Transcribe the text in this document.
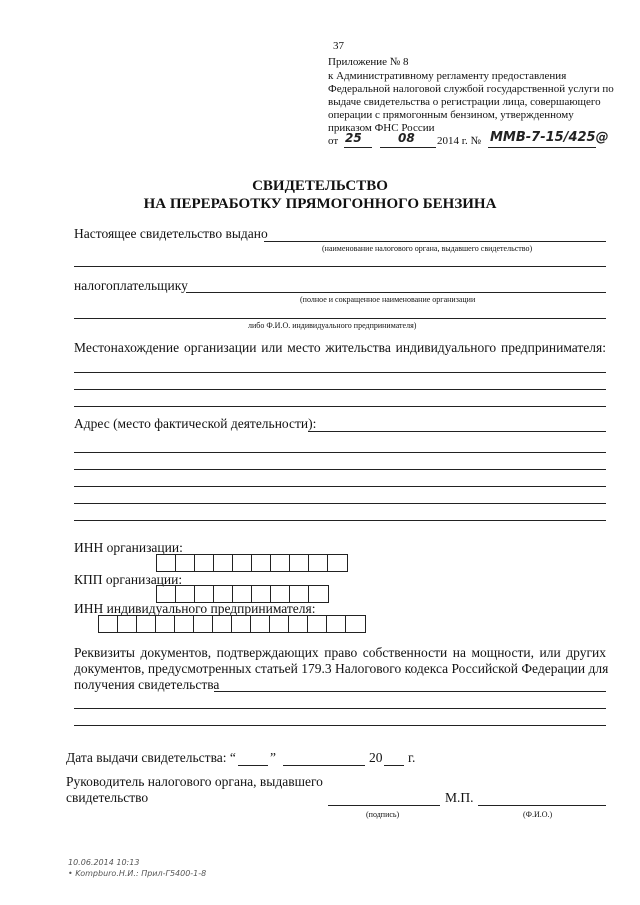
37
Приложение № 8
к Административному регламенту предоставления
Федеральной налоговой службой государственной услуги по
выдаче свидетельства о регистрации лица, совершающего
операции с прямогонным бензином, утвержденному
приказом ФНС России
от 25	08 2014 г. № ММВ-7-15/425@
СВИДЕТЕЛЬСТВО
НА ПЕРЕРАБОТКУ ПРЯМОГОННОГО БЕНЗИНА
Настоящее свидетельство выдано
(наименование налогового органа, выдавшего свидетельство)
налогоплательщику
(полное и сокращенное наименование организации
либо Ф.И.О. индивидуального предпринимателя)
Местонахождение организации или место жительства индивидуального предпринимателя:
Адрес (место фактической деятельности):
ИНН организации:
КПП организации:
ИНН индивидуального предпринимателя:
Реквизиты документов, подтверждающих право собственности на мощности, или других
документов, предусмотренных статьей 179.3 Налогового кодекса Российской Федерации для
получения свидетельства
Дата выдачи свидетельства: “	”	20 г.
Руководитель налогового органа, выдавшего
свидетельство	М.П.
(подпись)	(Ф.И.О.)
10.06.2014 10:13
• Kompburo.Н.И.: Прил-Г5400-1-8
